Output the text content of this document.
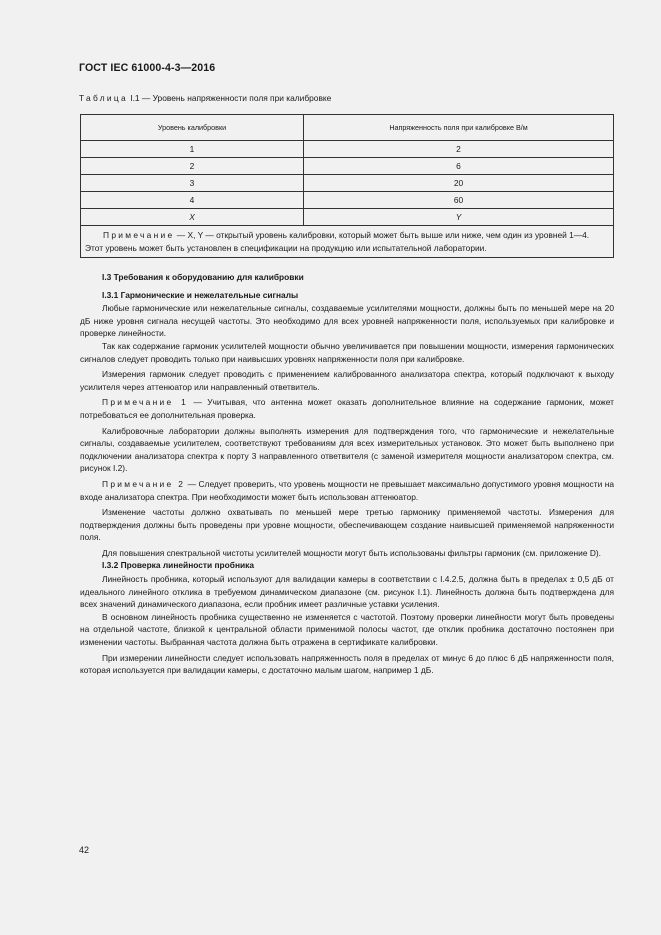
ГОСТ IEC 61000-4-3—2016
Таблица I.1 — Уровень напряженности поля при калибровке
Уровень калибровки	Напряженность поля при калибровке В/м
1	2
2	6
3	20
4	60
X	Y
Примечание — X, Y — открытый уровень калибровки, который может быть выше или ниже, чем один из уровней 1—4. Этот уровень может быть установлен в спецификации на продукцию или испытательной лаборатории.	
I.3 Требования к оборудованию для калибровки
I.3.1 Гармонические и нежелательные сигналы

Любые гармонические или нежелательные сигналы, создаваемые усилителями мощности, должны быть по меньшей мере на 20 дБ ниже уровня сигнала несущей частоты. Это необходимо для всех уровней напряженности поля, используемых при калибровке и проверке линейности.

Так как содержание гармоник усилителей мощности обычно увеличивается при повышении мощности, измерения гармонических сигналов следует проводить только при наивысших уровнях напряженности поля при калибровке.

Измерения гармоник следует проводить с применением калиброванного анализатора спектра, который подключают к выходу усилителя через аттенюатор или направленный ответвитель.

Примечание 1 — Учитывая, что антенна может оказать дополнительное влияние на содержание гармоник, может потребоваться ее дополнительная проверка.

Калибровочные лаборатории должны выполнять измерения для подтверждения того, что гармонические и нежелательные сигналы, создаваемые усилителем, соответствуют требованиям для всех измерительных установок. Это может быть выполнено при подключении анализатора спектра к порту 3 направленного ответвителя (с заменой измерителя мощности анализатором спектра, см. рисунок I.2).

Примечание 2 — Следует проверить, что уровень мощности не превышает максимально допустимого уровня мощности на входе анализатора спектра. При необходимости может быть использован аттенюатор.

Изменение частоты должно охватывать по меньшей мере третью гармонику применяемой частоты. Измерения для подтверждения должны быть проведены при уровне мощности, обеспечивающем создание наивысшей применяемой напряженности поля.

Для повышения спектральной чистоты усилителей мощности могут быть использованы фильтры гармоник (см. приложение D).

I.3.2 Проверка линейности пробника

Линейность пробника, который используют для валидации камеры в соответствии с I.4.2.5, должна быть в пределах ± 0,5 дБ от идеального линейного отклика в требуемом динамическом диапазоне (см. рисунок I.1). Линейность должна быть подтверждена для всех значений динамического диапазона, если пробник имеет различные уставки усиления.

В основном линейность пробника существенно не изменяется с частотой. Поэтому проверки линейности могут быть проведены на отдельной частоте, близкой к центральной области применимой полосы частот, где отклик пробника достаточно постоянен при изменении частоты. Выбранная частота должна быть отражена в сертификате калибровки.

При измерении линейности следует использовать напряженность поля в пределах от минус 6 до плюс 6 дБ напряженности поля, которая используется при валидации камеры, с достаточно малым шагом, например 1 дБ.

42
